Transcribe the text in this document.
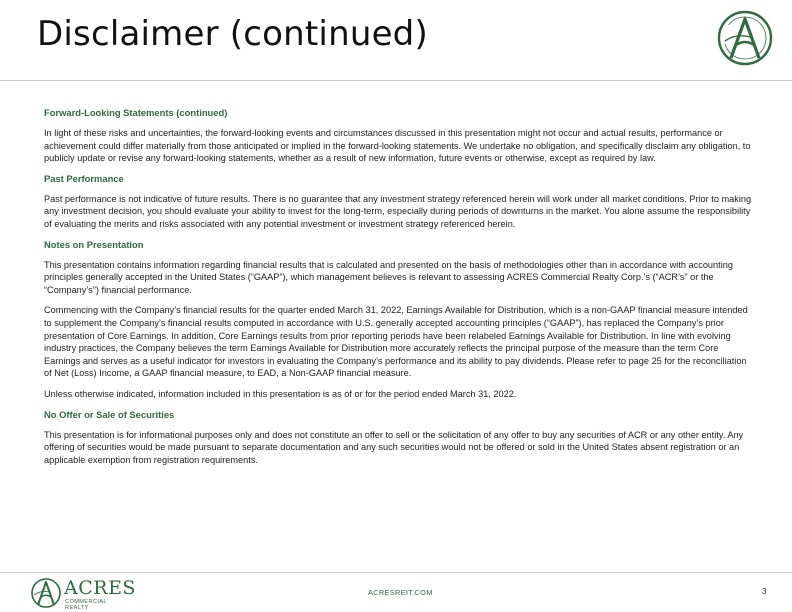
Disclaimer (continued)
Forward-Looking Statements (continued)

In light of these risks and uncertainties, the forward-looking events and circumstances discussed in this presentation might not occur and actual results, performance or achievement could differ materially from those anticipated or implied in the forward-looking statements. We undertake no obligation, and specifically disclaim any obligation, to publicly update or revise any forward-looking statements, whether as a result of new information, future events or otherwise, except as required by law.

Past Performance

Past performance is not indicative of future results. There is no guarantee that any investment strategy referenced herein will work under all market conditions. Prior to making any investment decision, you should evaluate your ability to invest for the long-term, especially during periods of downturns in the market. You alone assume the responsibility of evaluating the merits and risks associated with any potential investment or investment strategy referenced herein.

Notes on Presentation

This presentation contains information regarding financial results that is calculated and presented on the basis of methodologies other than in accordance with accounting principles generally accepted in the United States (“GAAP”), which management believes is relevant to assessing ACRES Commercial Realty Corp.’s (“ACR’s” or the “Company’s”) financial performance.

Commencing with the Company’s financial results for the quarter ended March 31, 2022, Earnings Available for Distribution, which is a non-GAAP financial measure intended to supplement the Company’s financial results computed in accordance with U.S. generally accepted accounting principles (“GAAP”), has replaced the Company’s prior presentation of Core Earnings. In addition, Core Earnings results from prior reporting periods have been relabeled Earnings Available for Distribution. In line with evolving industry practices, the Company believes the term Earnings Available for Distribution more accurately reflects the principal purpose of the measure than the term Core Earnings and serves as a useful indicator for investors in evaluating the Company’s performance and its ability to pay dividends. Please refer to page 25 for the reconciliation of Net (Loss) Income, a GAAP financial measure, to EAD, a Non-GAAP financial measure.

Unless otherwise indicated, information included in this presentation is as of or for the period ended March 31, 2022.

No Offer or Sale of Securities

This presentation is for informational purposes only and does not constitute an offer to sell or the solicitation of any offer to buy any securities of ACR or any other entity. Any offering of securities would be made pursuant to separate documentation and any such securities would not be offered or sold in the United States absent registration or an applicable exemption from registration requirements.

ACRES
COMMERCIAL REALTY
ACRESREIT.COM	3
